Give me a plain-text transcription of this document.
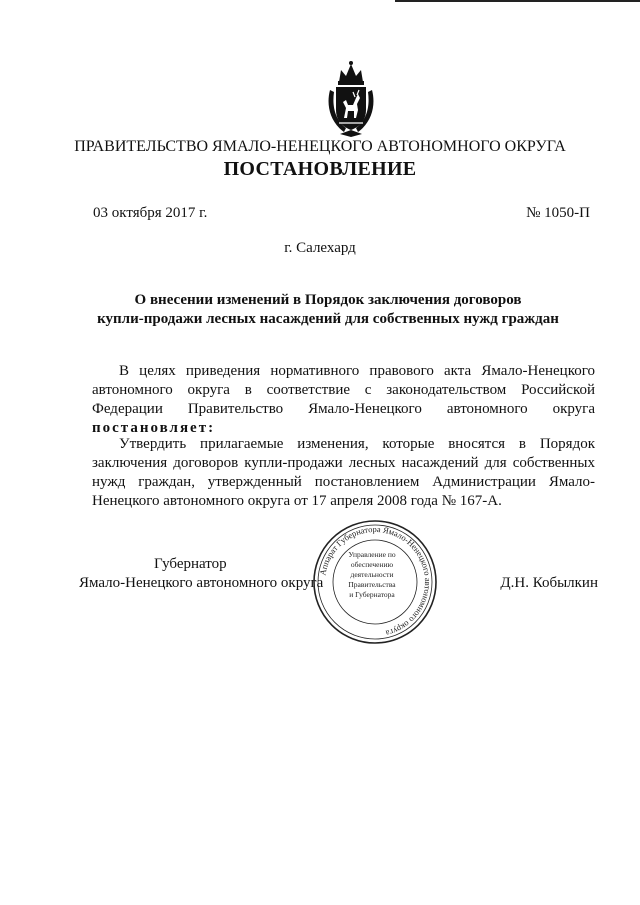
ПРАВИТЕЛЬСТВО ЯМАЛО-НЕНЕЦКОГО АВТОНОМНОГО ОКРУГА
ПОСТАНОВЛЕНИЕ
03 октября 2017 г.	№ 1050-П
г. Салехард
О внесении изменений в Порядок заключения договоров
купли-продажи лесных насаждений для собственных нужд граждан
В целях приведения нормативного правового акта Ямало-Ненецкого автономного округа в соответствие с законодательством Российской Федерации Правительство Ямало-Ненецкого автономного округа постановляет:
Утвердить прилагаемые изменения, которые вносятся в Порядок заключения договоров купли-продажи лесных насаждений для собственных нужд граждан, утвержденный постановлением Администрации Ямало-Ненецкого автономного округа от 17 апреля 2008 года № 167-А.
Губернатор
Ямало-Ненецкого автономного округа	Д.Н. Кобылкин
Аппарат Губернатора Ямало-Ненецкого автономного округа
Управление по
обеспечению
деятельности
Правительства
и Губернатора
